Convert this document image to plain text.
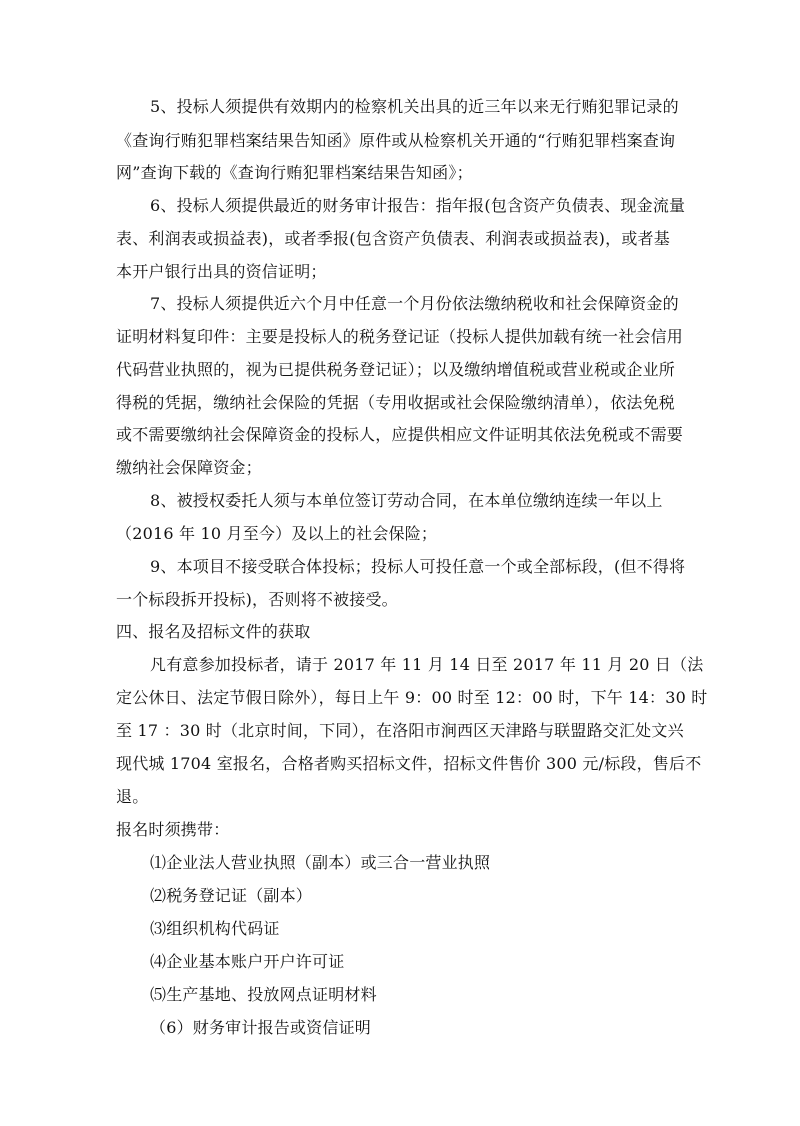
5、投标人须提供有效期内的检察机关出具的近三年以来无行贿犯罪记录的
《查询行贿犯罪档案结果告知函》原件或从检察机关开通的“行贿犯罪档案查询
网”查询下载的《查询行贿犯罪档案结果告知函》；
6、投标人须提供最近的财务审计报告：指年报(包含资产负债表、现金流量
表、利润表或损益表)，或者季报(包含资产负债表、利润表或损益表)，或者基
本开户银行出具的资信证明；
7、投标人须提供近六个月中任意一个月份依法缴纳税收和社会保障资金的
证明材料复印件：主要是投标人的税务登记证（投标人提供加载有统一社会信用
代码营业执照的，视为已提供税务登记证）；以及缴纳增值税或营业税或企业所
得税的凭据，缴纳社会保险的凭据（专用收据或社会保险缴纳清单），依法免税
或不需要缴纳社会保障资金的投标人，应提供相应文件证明其依法免税或不需要
缴纳社会保障资金；
8、被授权委托人须与本单位签订劳动合同，在本单位缴纳连续一年以上
（2016 年 10 月至今）及以上的社会保险；
9、本项目不接受联合体投标；投标人可投任意一个或全部标段，(但不得将
一个标段拆开投标)，否则将不被接受。
四、报名及招标文件的获取
凡有意参加投标者，请于 2017 年 11 月 14 日至 2017 年 11 月 20 日（法
定公休日、法定节假日除外），每日上午 9：00 时至 12：00 时，下午 14：30 时
至 17 ：30 时（北京时间，下同），在洛阳市涧西区天津路与联盟路交汇处文兴
现代城 1704 室报名，合格者购买招标文件，招标文件售价 300 元/标段，售后不
退。
报名时须携带：
⑴企业法人营业执照（副本）或三合一营业执照
⑵税务登记证（副本）
⑶组织机构代码证
⑷企业基本账户开户许可证
⑸生产基地、投放网点证明材料
（6）财务审计报告或资信证明
